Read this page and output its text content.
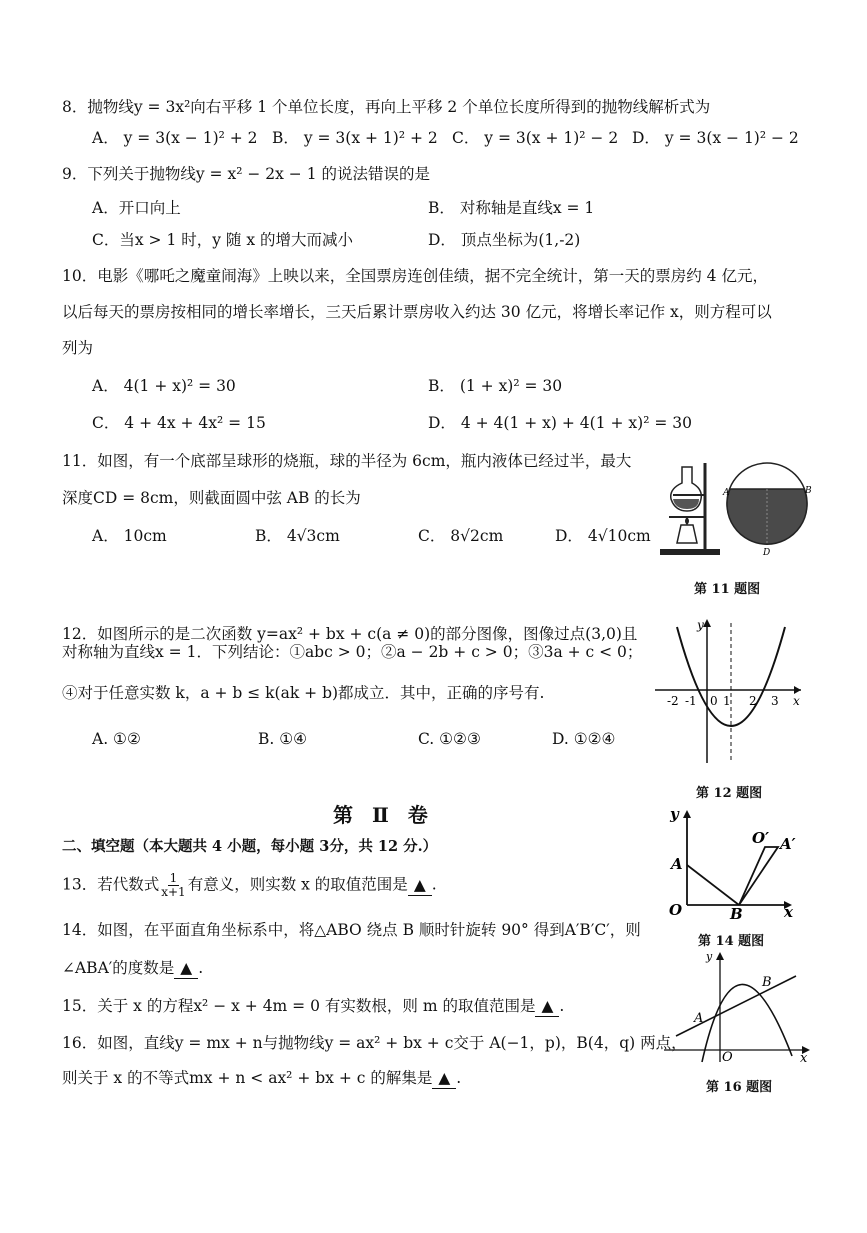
8．抛物线y = 3x²向右平移 1 个单位长度，再向上平移 2 个单位长度所得到的抛物线解析式为
A． y = 3(x − 1)² + 2 B． y = 3(x + 1)² + 2 C． y = 3(x + 1)² − 2 D． y = 3(x − 1)² − 2
9．下列关于抛物线y = x² − 2x − 1 的说法错误的是
A．开口向上	B． 对称轴是直线x = 1
C．当x > 1 时，y 随 x 的增大而减小	D． 顶点坐标为(1,-2)
10．电影《哪吒之魔童闹海》上映以来，全国票房连创佳绩，据不完全统计，第一天的票房约 4 亿元，
以后每天的票房按相同的增长率增长，三天后累计票房收入约达 30 亿元，将增长率记作 x，则方程可以
列为
A． 4(1 + x)² = 30	B． (1 + x)² = 30
C． 4 + 4x + 4x² = 15	D． 4 + 4(1 + x) + 4(1 + x)² = 30
11．如图，有一个底部呈球形的烧瓶，球的半径为 6cm，瓶内液体已经过半，最大
深度CD = 8cm，则截面圆中弦 AB 的长为
A． 10cm	B． 4√3cm	C． 8√2cm	D． 4√10cm
A	B
D
第 11 题图
12．如图所示的是二次函数 y=ax² + bx + c(a ≠ 0)的部分图像，图像过点(3,0)且
对称轴为直线x = 1．下列结论：①abc > 0；②a − 2b + c > 0；③3a + c < 0；
④对于任意实数 k，a + b ≤ k(ak + b)都成立．其中，正确的序号有.
A. ①②	B. ①④	C. ①②③	D. ①②④
-2 -1 0 1 2 3 x
y
第 12 题图
第 Ⅱ 卷
二、填空题（本大题共 4 小题，每小题 3分，共 12 分.）
13．若代数式 $\frac{1}{x+1}$ 有意义，则实数 x 的取值范围是 ▲ .
14．如图，在平面直角坐标系中，将△ABO 绕点 B 顺时针旋转 90° 得到A′B′C′，则
∠ABA′的度数是 ▲ .
y
A
O	B	x
O′ A′
第 14 题图
15．关于 x 的方程x² − x + 4m = 0 有实数根，则 m 的取值范围是 ▲ .
16．如图，直线y = mx + n与抛物线y = ax² + bx + c交于 A(−1，p)，B(4，q) 两点，
则关于 x 的不等式mx + n < ax² + bx + c 的解集是 ▲ .
y
A
B
O	x
第 16 题图
